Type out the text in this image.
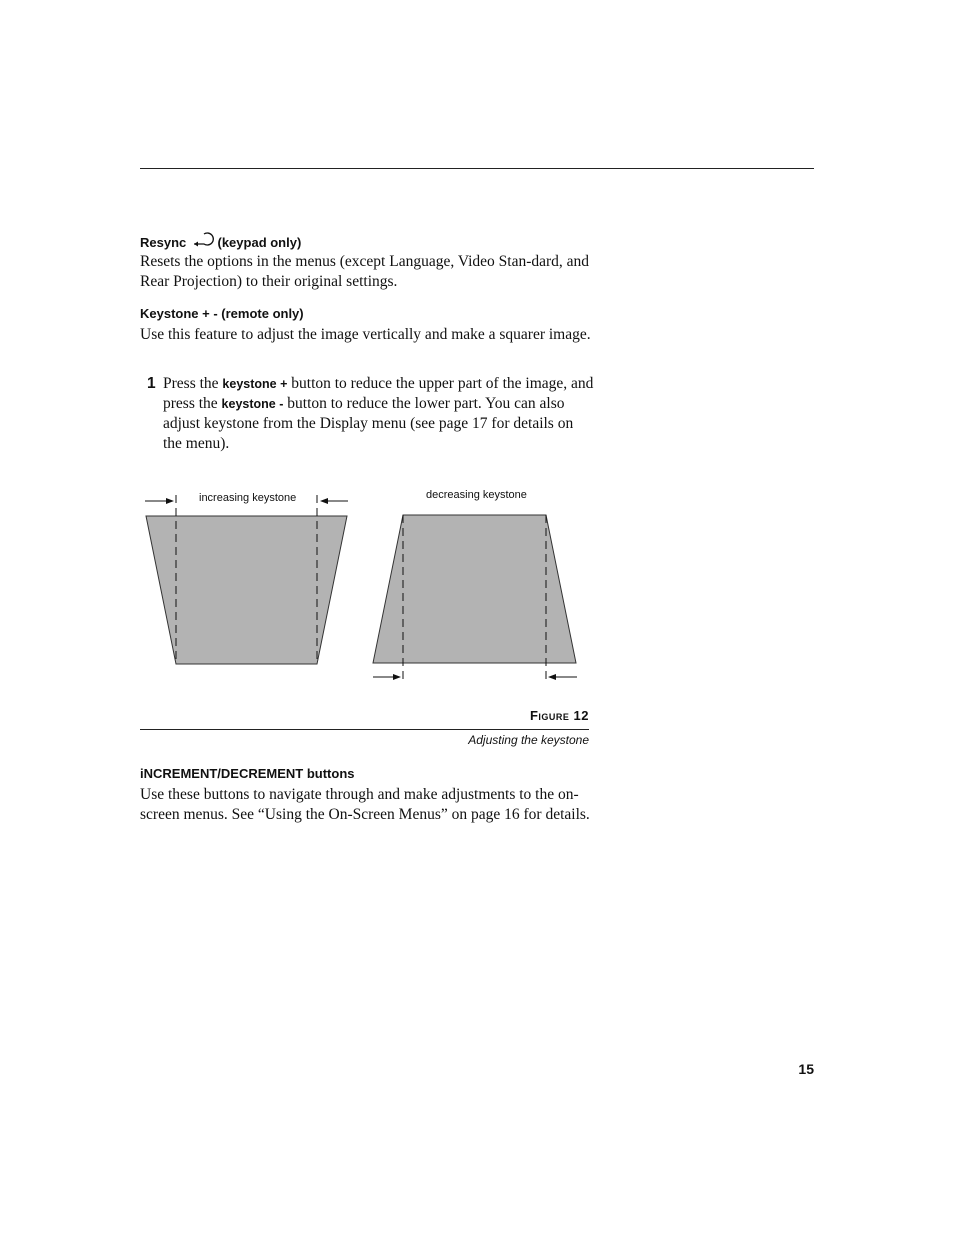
Resync (keypad only)

Resets the options in the menus (except Language, Video Stan-dard, and Rear Projection) to their original settings.

Keystone + - (remote only)

Use this feature to adjust the image vertically and make a squarer image.

1 Press the keystone + button to reduce the upper part of the image, and press the keystone - button to reduce the lower part. You can also adjust keystone from the Display menu (see page 17 for details on the menu).

increasing keystone	decreasing keystone
Figure 12
Adjusting the keystone
iNCREMENT/DECREMENT buttons

Use these buttons to navigate through and make adjustments to the on-screen menus. See “Using the On-Screen Menus” on page 16 for details.

15
